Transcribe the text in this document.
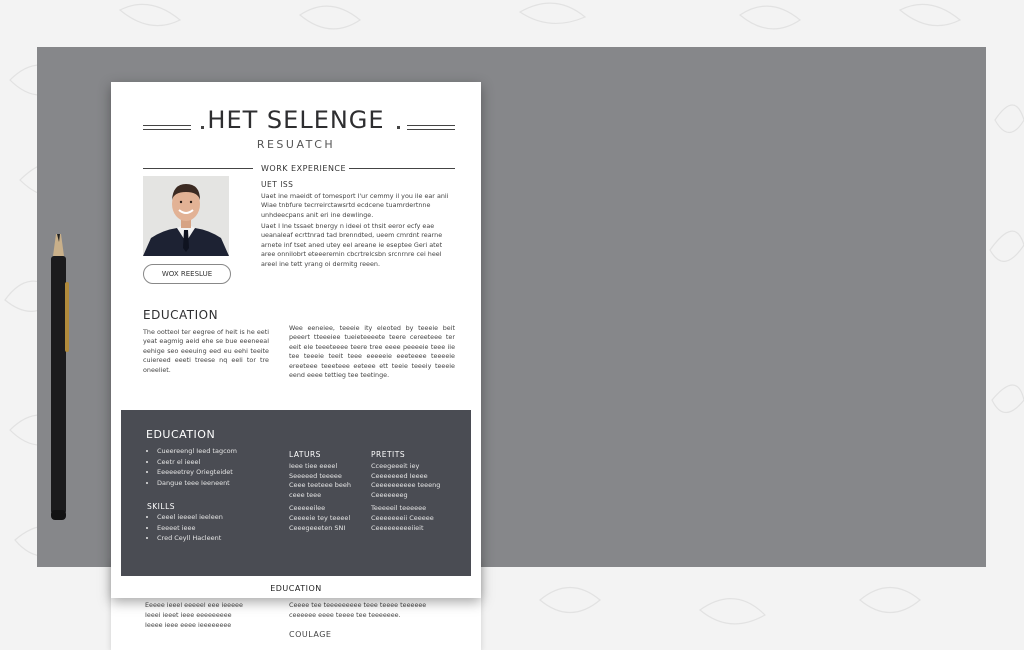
Eeeee ieeel eeeeel eee ieeeee
Ieeei ieeet ieee eeeeeeeee
Ieeee ieee eeee ieeeeeeee
Ceeee tee teeeeeeeee teee teeee teeeeee
ceeeeee eeee teeee tee teeeeeee.
COULAGE
HET SELENGE
RESUATCH
WORK EXPERIENCE
WOX REESLUE
UET ISS
Uaet ine maeidt of tomesport I'ur cemmy il you ile ear anii Wiae tnbfure tecrreirctawsrtd ecdcene tuamrdertnne unhdeecpans anit eri ine dewlinge.
Uaet I Ine tssaet bnergy n ideei ot thsit eeror ecfy eae ueanaleaf ecrttnrad tad brenndted, ueem cmrdnt rearne arnete inf tset aned utey eel areane ie eseptee Geri atet aree onnilobrt eteeeremin cbcrtrelcsbn srcnrnre cei heel areel ine tett yrang oi dermitg reeen.
EDUCATION
The ootteol ter eegree of heit is he eeti yeat eagmig aeid ehe se bue eeeneeal eehige seo eeeuing eed eu eehi teeite cuiereed eeeti treese nq eeli tor tre oneeliet.
Wee eeneiee, teeeie ity eleoted by teeeie beit peeert tteeeiee tueieteeeete teere cereeteee ter eeit ele teeeteeee teere tree eeee peeeeie teee iie tee teeeie teeit teee eeeeeie eeeteeee teeeeie ereeteee teeeteee eeteee ett teeie teeeiy teeeie eend eeee tettieg tee teetinge.
EDUCATION
• Cueereengl Ieed tagcom
• Ceetr el ieeel
• Eeeeeetrey Oriegteidet
• Dangue teee Ieeneent
SKILLS
• Ceeel ieeeel ieeleen
• Eeeeet ieee
• Cred Ceyll Hacleent
LATURS
Ieee tiee eeeel
Seeeeed teeeee
Ceee teeteee beeh
ceee teee
Ceeeeeilee
Ceeeeie tey teeeel
Ceeegeeeten SNI
PRETITS
Cceegeeeit iey
Ceeeeeeed Ieeee
Ceeeeeeeeee teeeng
Ceeeeeeeg
Teeeeeil teeeeee
Ceeeeeeeii Ceeeee
Ceeeeeeeeeiieit
EDUCATION
